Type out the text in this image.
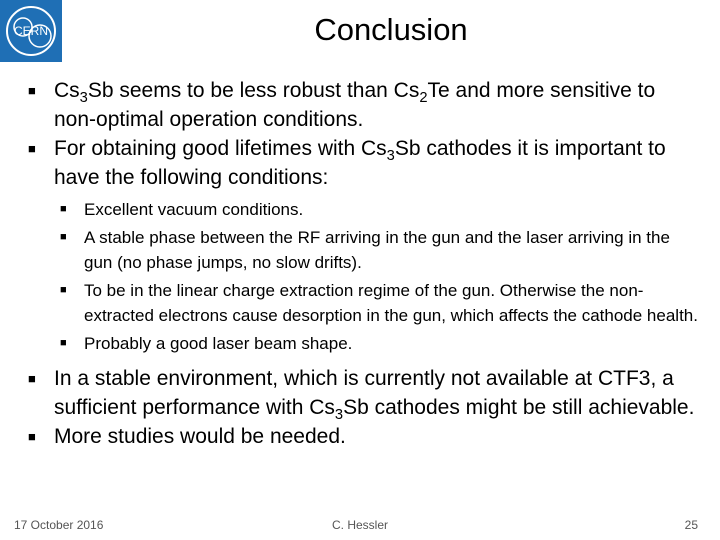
CERN	Conclusion
■ $Cs_3Sb$ seems to be less robust than $Cs_2Te$ and more sensitive to non-optimal operation conditions.
■ For obtaining good lifetimes with $Cs_3Sb$ cathodes it is important to have the following conditions:
■ Excellent vacuum conditions.
■ A stable phase between the RF arriving in the gun and the laser arriving in the gun (no phase jumps, no slow drifts).
■ To be in the linear charge extraction regime of the gun. Otherwise the non-extracted electrons cause desorption in the gun, which affects the cathode health.
■ Probably a good laser beam shape.
■ In a stable environment, which is currently not available at CTF3, a sufficient performance with $Cs_3Sb$ cathodes might be still achievable.
■ More studies would be needed.
17 October 2016	C. Hessler	25
